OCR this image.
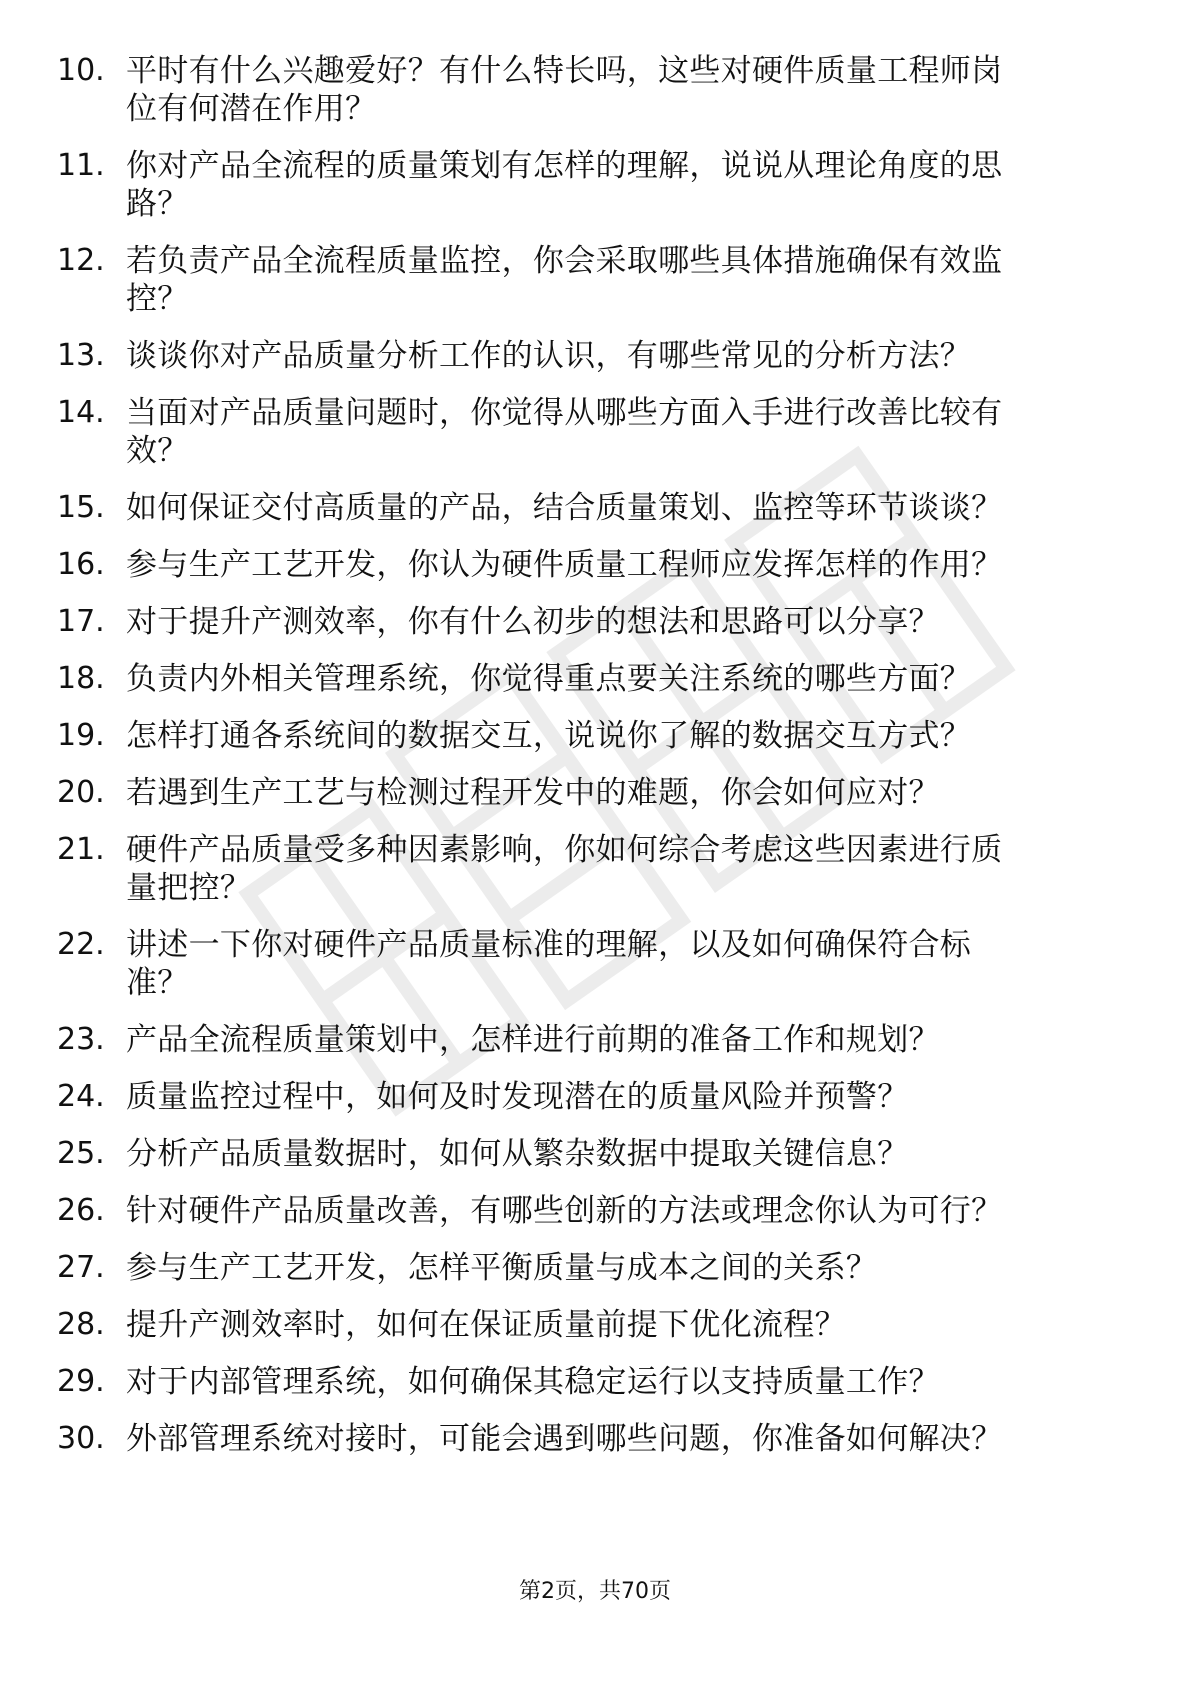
10. 平时有什么兴趣爱好？有什么特长吗，这些对硬件质量工程师岗
位有何潜在作用？
11. 你对产品全流程的质量策划有怎样的理解，说说从理论角度的思
路？
12. 若负责产品全流程质量监控，你会采取哪些具体措施确保有效监
控？
13. 谈谈你对产品质量分析工作的认识，有哪些常见的分析方法？
14. 当面对产品质量问题时，你觉得从哪些方面入手进行改善比较有
效？
15. 如何保证交付高质量的产品，结合质量策划、监控等环节谈谈？
16. 参与生产工艺开发，你认为硬件质量工程师应发挥怎样的作用？
17. 对于提升产测效率，你有什么初步的想法和思路可以分享？
18. 负责内外相关管理系统，你觉得重点要关注系统的哪些方面？
19. 怎样打通各系统间的数据交互，说说你了解的数据交互方式？
20. 若遇到生产工艺与检测过程开发中的难题，你会如何应对？
21. 硬件产品质量受多种因素影响，你如何综合考虑这些因素进行质
量把控？
22. 讲述一下你对硬件产品质量标准的理解，以及如何确保符合标
准？
23. 产品全流程质量策划中，怎样进行前期的准备工作和规划？
24. 质量监控过程中，如何及时发现潜在的质量风险并预警？
25. 分析产品质量数据时，如何从繁杂数据中提取关键信息？
26. 针对硬件产品质量改善，有哪些创新的方法或理念你认为可行？
27. 参与生产工艺开发，怎样平衡质量与成本之间的关系？
28. 提升产测效率时，如何在保证质量前提下优化流程？
29. 对于内部管理系统，如何确保其稳定运行以支持质量工作？
30. 外部管理系统对接时，可能会遇到哪些问题，你准备如何解决？
第2页，共70页
